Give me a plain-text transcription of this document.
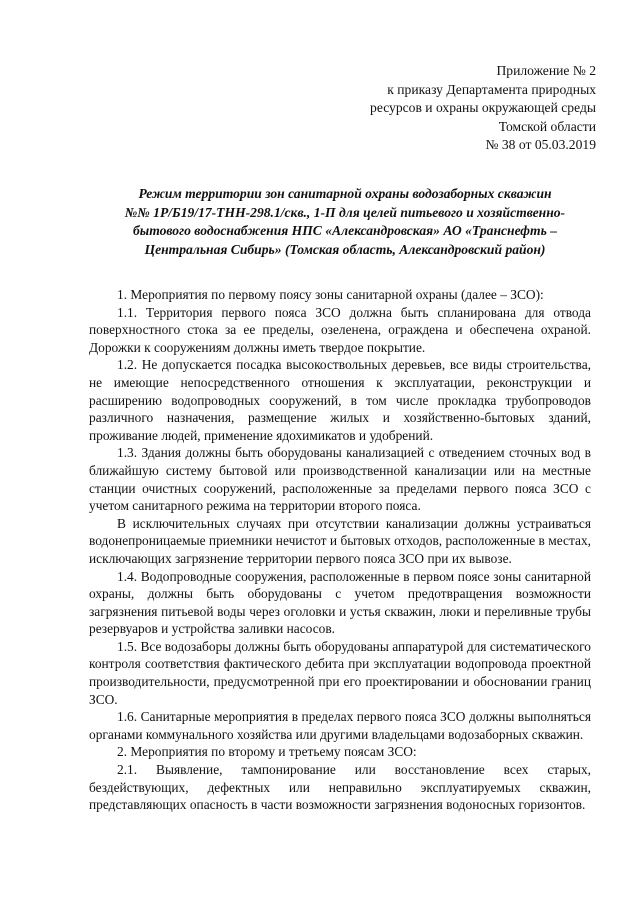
Приложение № 2
к приказу Департамента природных
ресурсов и охраны окружающей среды
Томской области
№ 38 от 05.03.2019
Режим территории зон санитарной охраны водозаборных скважин
№№ 1Р/Б19/17-ТНН-298.1/скв., 1-П для целей питьевого и хозяйственно-
бытового водоснабжения НПС «Александровская» АО «Транснефть –
Центральная Сибирь» (Томская область, Александровский район)

1. Мероприятия по первому поясу зоны санитарной охраны (далее – ЗСО):

1.1. Территория первого пояса ЗСО должна быть спланирована для отвода поверхностного стока за ее пределы, озеленена, ограждена и обеспечена охраной. Дорожки к сооружениям должны иметь твердое покрытие.

1.2. Не допускается посадка высокоствольных деревьев, все виды строительства, не имеющие непосредственного отношения к эксплуатации, реконструкции и расширению водопроводных сооружений, в том числе прокладка трубопроводов различного назначения, размещение жилых и хозяйственно-бытовых зданий, проживание людей, применение ядохимикатов и удобрений.

1.3. Здания должны быть оборудованы канализацией с отведением сточных вод в ближайшую систему бытовой или производственной канализации или на местные станции очистных сооружений, расположенные за пределами первого пояса ЗСО с учетом санитарного режима на территории второго пояса.

В исключительных случаях при отсутствии канализации должны устраиваться водонепроницаемые приемники нечистот и бытовых отходов, расположенные в местах, исключающих загрязнение территории первого пояса ЗСО при их вывозе.

1.4. Водопроводные сооружения, расположенные в первом поясе зоны санитарной охраны, должны быть оборудованы с учетом предотвращения возможности загрязнения питьевой воды через оголовки и устья скважин, люки и переливные трубы резервуаров и устройства заливки насосов.

1.5. Все водозаборы должны быть оборудованы аппаратурой для систематического контроля соответствия фактического дебита при эксплуатации водопровода проектной производительности, предусмотренной при его проектировании и обосновании границ ЗСО.

1.6. Санитарные мероприятия в пределах первого пояса ЗСО должны выполняться органами коммунального хозяйства или другими владельцами водозаборных скважин.

2. Мероприятия по второму и третьему поясам ЗСО:

2.1. Выявление, тампонирование или восстановление всех старых, бездействующих, дефектных или неправильно эксплуатируемых скважин, представляющих опасность в части возможности загрязнения водоносных горизонтов.
